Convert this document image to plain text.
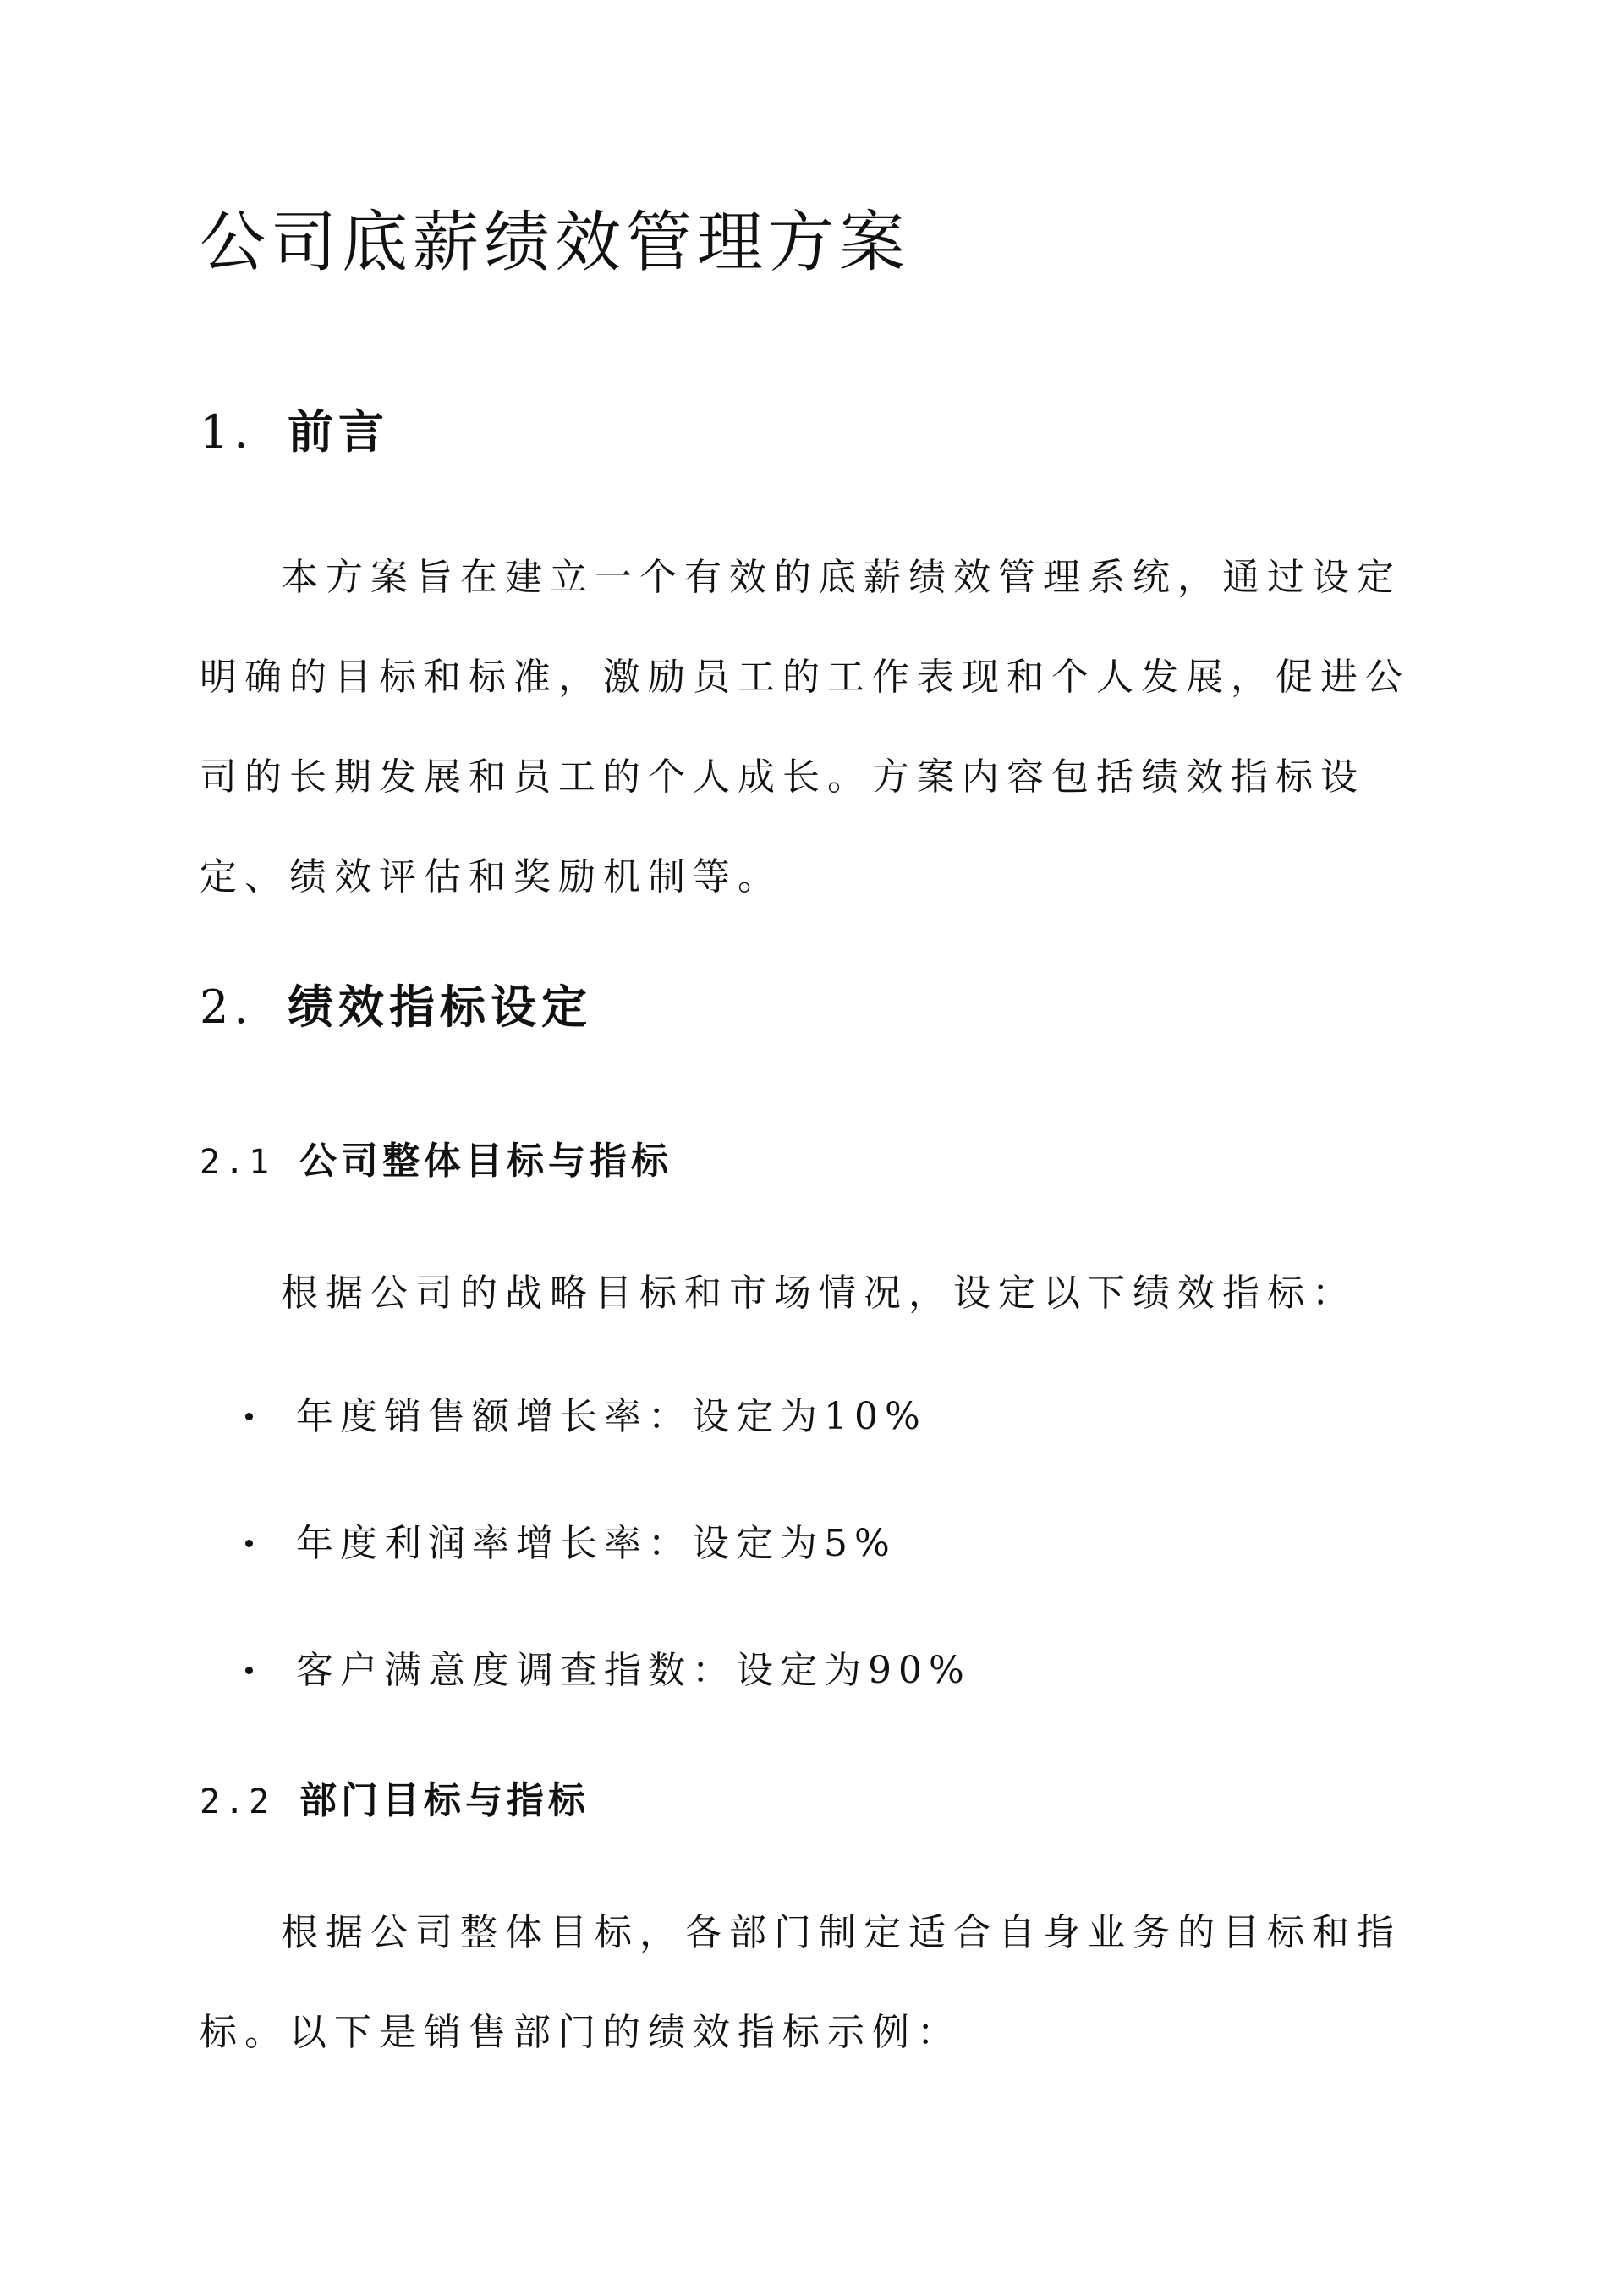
公司底薪绩效管理方案
1. 前言

本方案旨在建立一个有效的底薪绩效管理系统，通过设定明确的目标和标准，激励员工的工作表现和个人发展，促进公司的长期发展和员工的个人成长。方案内容包括绩效指标设定、绩效评估和奖励机制等。

2. 绩效指标设定
2.1 公司整体目标与指标

根据公司的战略目标和市场情况，设定以下绩效指标：

年度销售额增长率：设定为10%

年度利润率增长率：设定为5%

客户满意度调查指数：设定为90%

2.2 部门目标与指标

根据公司整体目标，各部门制定适合自身业务的目标和指标。以下是销售部门的绩效指标示例：
